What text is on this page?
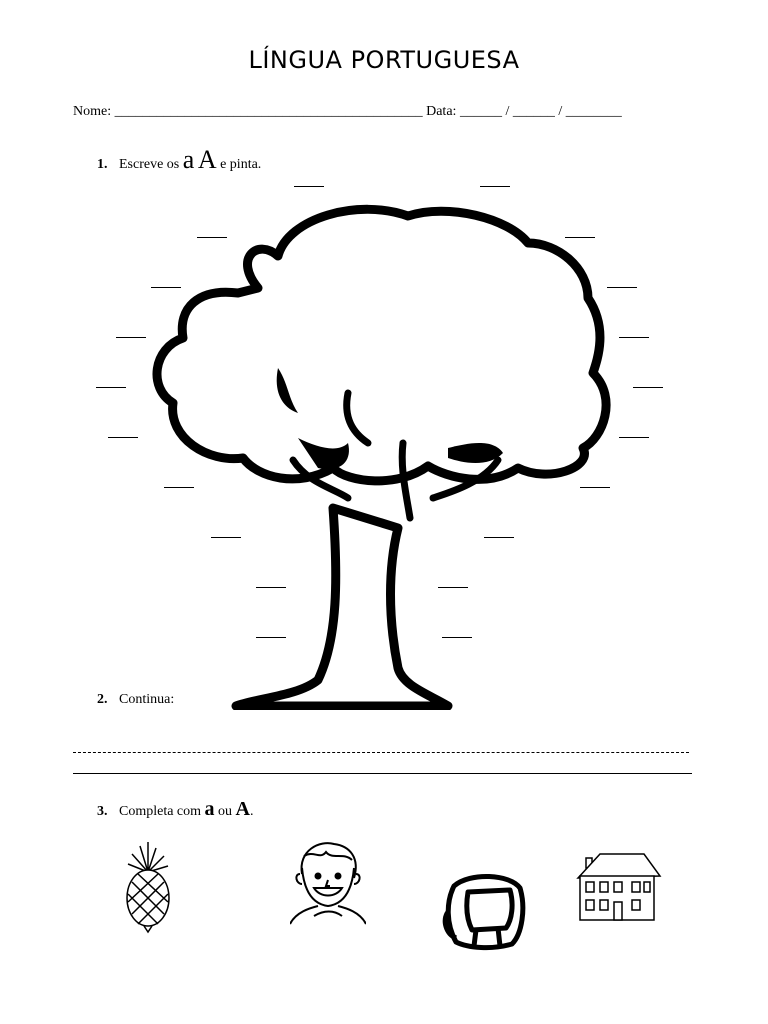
LÍNGUA PORTUGUESA
Nome: ____________________________________________ Data: ______ / ______ / ________
1. Escreve os a A e pinta.
2. Continua:
3. Completa com a ou A.
